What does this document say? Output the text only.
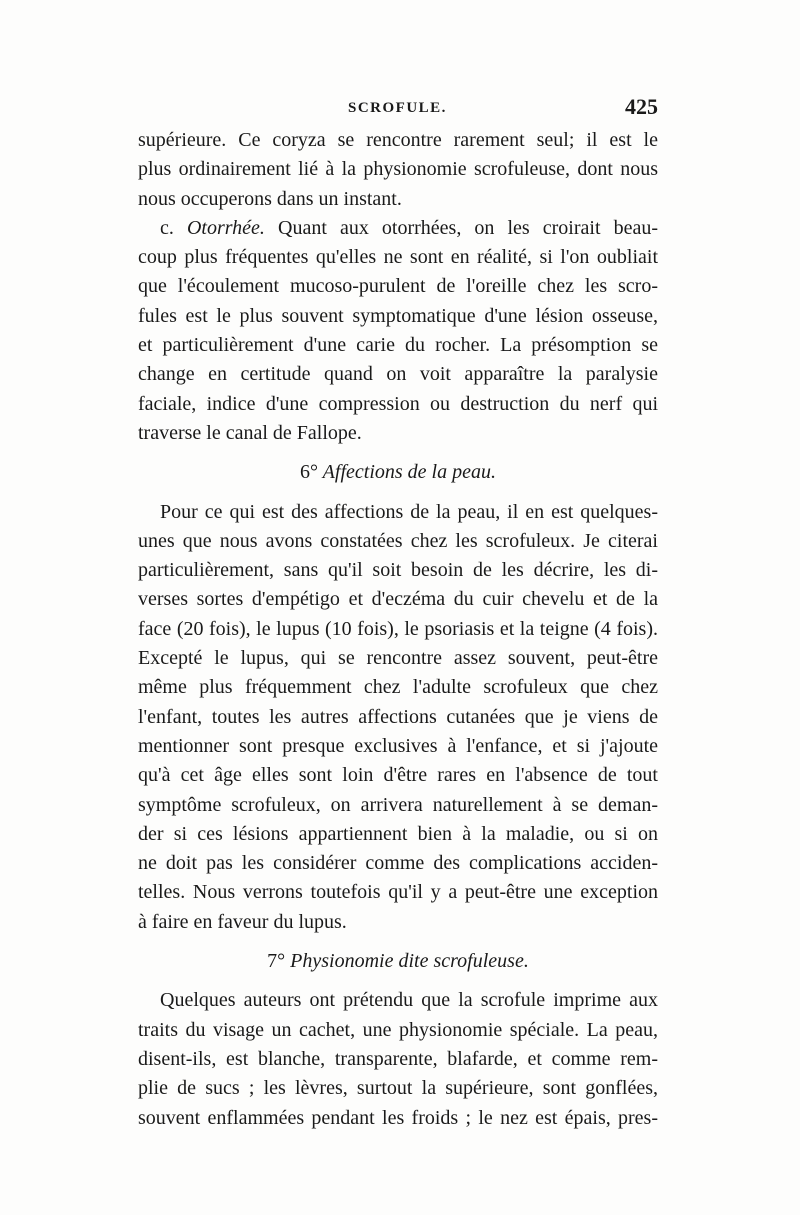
SCROFULE.	425
supérieure. Ce coryza se rencontre rarement seul; il est le
plus ordinairement lié à la physionomie scrofuleuse, dont nous
nous occuperons dans un instant.
c. Otorrhée. Quant aux otorrhées, on les croirait beau-
coup plus fréquentes qu'elles ne sont en réalité, si l'on oubliait
que l'écoulement mucoso-purulent de l'oreille chez les scro-
fules est le plus souvent symptomatique d'une lésion osseuse,
et particulièrement d'une carie du rocher. La présomption se
change en certitude quand on voit apparaître la paralysie
faciale, indice d'une compression ou destruction du nerf qui
traverse le canal de Fallope.
6° Affections de la peau.
Pour ce qui est des affections de la peau, il en est quelques-
unes que nous avons constatées chez les scrofuleux. Je citerai
particulièrement, sans qu'il soit besoin de les décrire, les di-
verses sortes d'empétigo et d'eczéma du cuir chevelu et de la
face (20 fois), le lupus (10 fois), le psoriasis et la teigne (4 fois).
Excepté le lupus, qui se rencontre assez souvent, peut-être
même plus fréquemment chez l'adulte scrofuleux que chez
l'enfant, toutes les autres affections cutanées que je viens de
mentionner sont presque exclusives à l'enfance, et si j'ajoute
qu'à cet âge elles sont loin d'être rares en l'absence de tout
symptôme scrofuleux, on arrivera naturellement à se deman-
der si ces lésions appartiennent bien à la maladie, ou si on
ne doit pas les considérer comme des complications acciden-
telles. Nous verrons toutefois qu'il y a peut-être une exception
à faire en faveur du lupus.
7° Physionomie dite scrofuleuse.
Quelques auteurs ont prétendu que la scrofule imprime aux
traits du visage un cachet, une physionomie spéciale. La peau,
disent-ils, est blanche, transparente, blafarde, et comme rem-
plie de sucs ; les lèvres, surtout la supérieure, sont gonflées,
souvent enflammées pendant les froids ; le nez est épais, pres-
